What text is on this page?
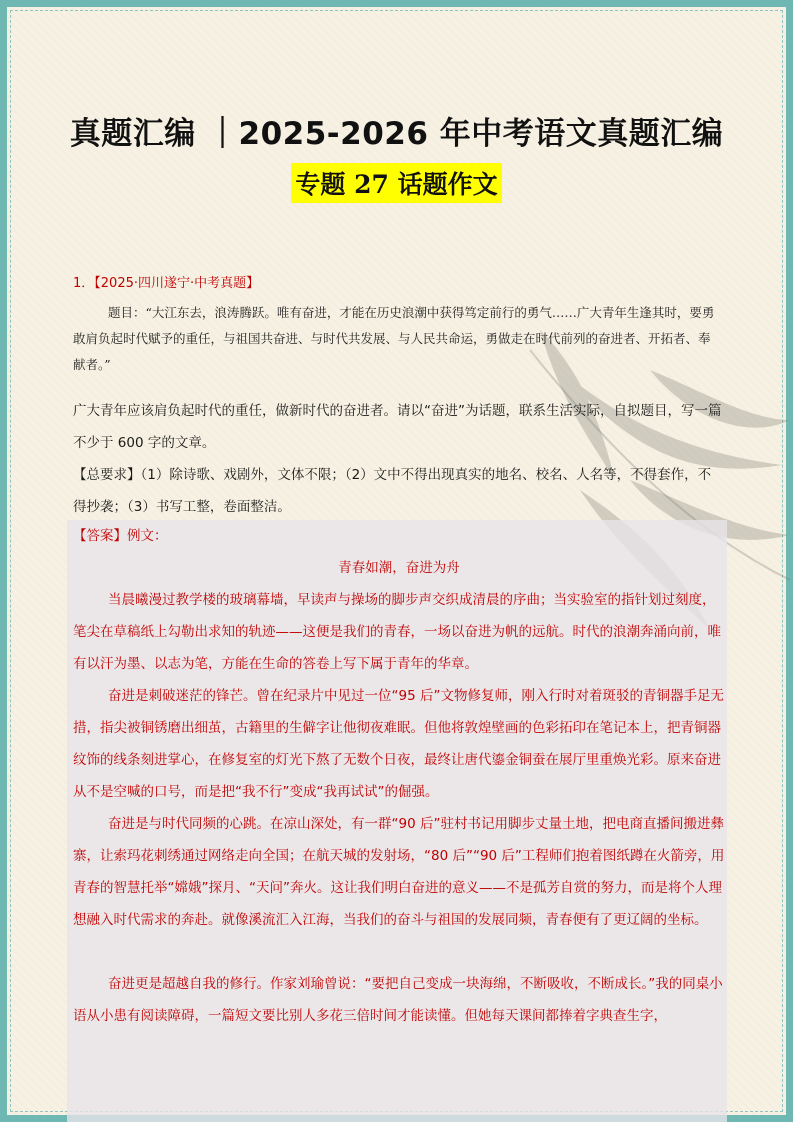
真题汇编 ｜2025-2026 年中考语文真题汇编
专题 27 话题作文
1．【2025·四川遂宁·中考真题】
题目：“大江东去，浪涛腾跃。唯有奋进，才能在历史浪潮中获得笃定前行的勇气……广大青年生逢其时，要勇敢肩负起时代赋予的重任，与祖国共奋进、与时代共发展、与人民共命运，勇做走在时代前列的奋进者、开拓者、奉献者。”
广大青年应该肩负起时代的重任，做新时代的奋进者。请以“奋进”为话题，联系生活实际，自拟题目，写一篇不少于 600 字的文章。
【总要求】（1）除诗歌、戏剧外，文体不限；（2）文中不得出现真实的地名、校名、人名等，不得套作，不得抄袭；（3）书写工整，卷面整洁。
【答案】例文：
青春如潮，奋进为舟
当晨曦漫过教学楼的玻璃幕墙，早读声与操场的脚步声交织成清晨的序曲；当实验室的指针划过刻度，笔尖在草稿纸上勾勒出求知的轨迹——这便是我们的青春，一场以奋进为帆的远航。时代的浪潮奔涌向前，唯有以汗为墨、以志为笔，方能在生命的答卷上写下属于青年的华章。
奋进是刺破迷茫的锋芒。曾在纪录片中见过一位“95 后”文物修复师，刚入行时对着斑驳的青铜器手足无措，指尖被铜锈磨出细茧，古籍里的生僻字让他彻夜难眠。但他将敦煌壁画的色彩拓印在笔记本上，把青铜器纹饰的线条刻进掌心，在修复室的灯光下熬了无数个日夜，最终让唐代鎏金铜蚕在展厅里重焕光彩。原来奋进从不是空喊的口号，而是把“我不行”变成“我再试试”的倔强。
奋进是与时代同频的心跳。在凉山深处，有一群“90 后”驻村书记用脚步丈量土地，把电商直播间搬进彝寨，让索玛花刺绣通过网络走向全国；在航天城的发射场，“80 后”“90 后”工程师们抱着图纸蹲在火箭旁，用青春的智慧托举“嫦娥”探月、“天问”奔火。这让我们明白奋进的意义——不是孤芳自赏的努力，而是将个人理想融入时代需求的奔赴。就像溪流汇入江海，当我们的奋斗与祖国的发展同频，青春便有了更辽阔的坐标。
奋进更是超越自我的修行。作家刘瑜曾说：“要把自己变成一块海绵，不断吸收，不断成长。”我的同桌小语从小患有阅读障碍，一篇短文要比别人多花三倍时间才能读懂。但她每天课间都捧着字典查生字，
